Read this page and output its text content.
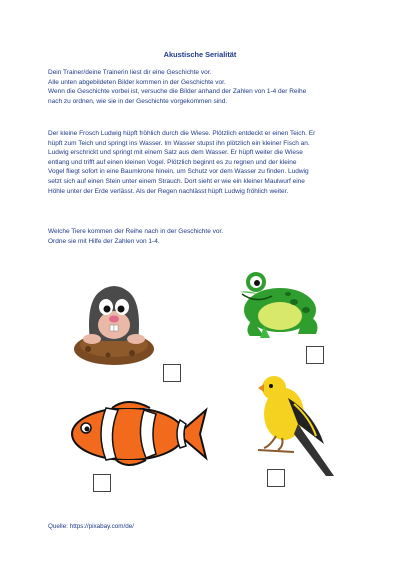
Akustische Serialität

Dein Trainer/deine Trainerin liest dir eine Geschichte vor.

Alle unten abgebildeten Bilder kommen in der Geschichte vor.

Wenn die Geschichte vorbei ist, versuche die Bilder anhand der Zahlen von 1-4 der Reihe

nach zu ordnen, wie sie in der Geschichte vorgekommen sind.

Der kleine Frosch Ludwig hüpft fröhlich durch die Wiese. Plötzlich entdeckt er einen Teich. Er

hüpft zum Teich und springt ins Wasser. Im Wasser stupst ihn plötzlich ein kleiner Fisch an.

Ludwig erschrickt und springt mit einem Satz aus dem Wasser. Er hüpft weiter die Wiese

entlang und trifft auf einen kleinen Vogel. Plötzlich beginnt es zu regnen und der kleine

Vogel fliegt sofort in eine Baumkrone hinein, um Schutz vor dem Wasser zu finden. Ludwig

setzt sich auf einen Stein unter einem Strauch. Dort sieht er wie ein kleiner Maulwurf eine

Höhle unter der Erde verlässt. Als der Regen nachlässt hüpft Ludwig fröhlich weiter.

Welche Tiere kommen der Reihe nach in der Geschichte vor.

Ordne sie mit Hilfe der Zahlen von 1-4.

Quelle: https://pixabay.com/de/
